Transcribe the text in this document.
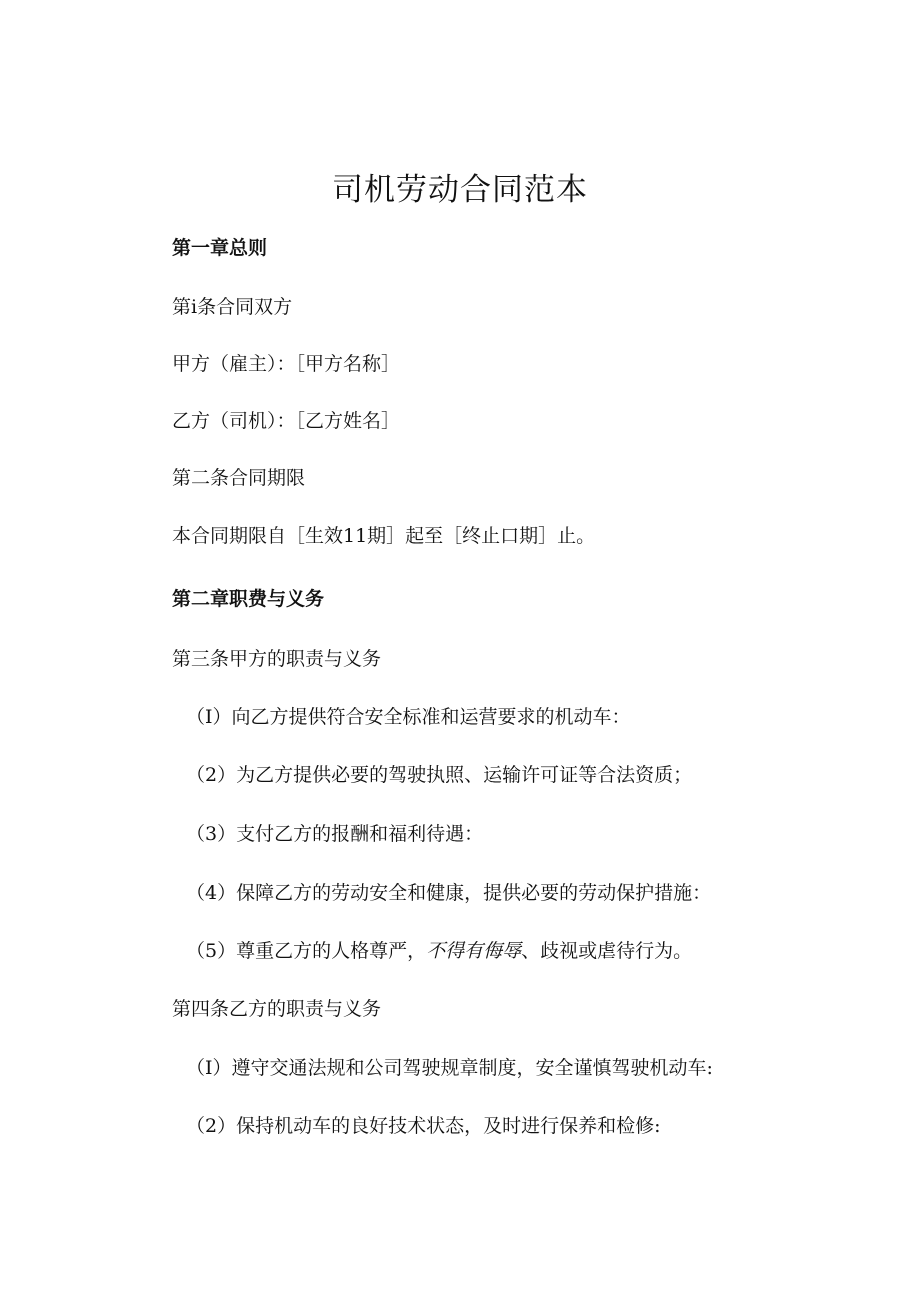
司机劳动合同范本

第一章总则

第i条合同双方

甲方（雇主）：［甲方名称］

乙方（司机）：［乙方姓名］

第二条合同期限

本合同期限自［生效11期］起至［终止口期］止。

第二章职费与义务

第三条甲方的职责与义务

（I）向乙方提供符合安全标准和运营要求的机动车：

（2）为乙方提供必要的驾驶执照、运输许可证等合法资质；

（3）支付乙方的报酬和福利待遇：

（4）保障乙方的劳动安全和健康，提供必要的劳动保护措施：

（5）尊重乙方的人格尊严，不得有侮辱、歧视或虐待行为。

第四条乙方的职责与义务

（I）遵守交通法规和公司驾驶规章制度，安全谨慎驾驶机动车:

（2）保持机动车的良好技术状态，及时进行保养和检修:
